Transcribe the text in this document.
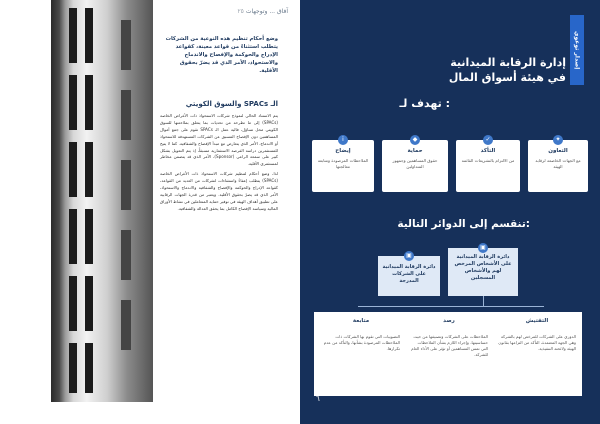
آفاق ... وتوجهات ٢٥
وضع أحكام تنظيم هذه النوعية من الشركات يتطلب استثناءً من قواعد معينة، كقواعد الإدراج والحوكمة والإفصاح والاندماج والاستحواذ، الأمر الذي قد يضرّ بحقوق الأقلية.
الـ SPACs والسوق الكويتي

يتم الاستناد الحالي لنموذج شركات الاستحواذ ذات الأغراض الخاصة (SPACs) إلى ما تطرحه من تحديات بما يتعلق بملاءمتها للسوق الكويتي محل تساؤل، فالية عمل الـ SPACs تقوم على جمع أموال المساهمين دون الإفصاح المسبق عن الشركات المستهدفة للاستحواذ أو الاندماج، الأمر الذي يتعارض مع مبدأ الإفصاح والشفافية. كما لا يتيح للمستثمرين دراسة الفرصة الاستثمارية مسبقاً، إذ يتم التعويل بشكل كبير على سمعة الراعي (Sponsor)، الأمر الذي قد يتضمن مخاطر لمستثمري الأقلية.

لذا، وضع أحكام لتنظيم شركات الاستحواذ ذات الأغراض الخاصة (SPACs) يتطلب إعفاءً واستثناءات لشركات من العديد من القواعد، كقواعد الإدراج والحوكمة والإفصاح والشفافية والاندماج والاستحواذ، الأمر الذي قد يضرّ بحقوق الأقلية. ويعتبر من قدرة الجهات الرقابية على تطبيق أهداف الهيئة في توفير حماية المتعاملين في نشاط الأوراق المالية وسياسة الإفصاح الكامل بما يحقق العدالة والشفافية.

إصدار توعوي
إدارة الرقابة الميدانية
في هيئة أسواق المال
تهدف لـ :
✦
التعاون
مع الجهات الخاضعة لرقابة الهيئة
✓
التأكد
من الالتزام بالتشريعات القائمة
◆
حماية
حقوق المساهمين وجمهور المتداولين
i
إيضاح
الملاحظات المرصودة ومتابعة معالجتها
تنقسم إلى الدوائر التالية:
▣
دائرة الرقابة الميدانية على الأشخاص المرخص لهم والأشخاص المسجلين
▣
دائرة الرقابة الميدانية على الشركات المدرجة
التفتيش
الدوري على الشركات للمرخص لهم بالشركة وهي الجهة المعتمدة، التأكد من التزامها بقانون الهيئة ولائحته التنفيذية.
رصد
الملاحظات على الشركات وتصنيفها من حيث حساسيتها، وإجراء اللازم بشأن الملاحظات التي تمس المساهمين أو تؤثر على الأداء العام للشركة.
متابعة
التصويبات التي تقوم بها الشركات ذات الملاحظات المرصودة بشأنها، والتأكد من عدم تكرارها.
٦
